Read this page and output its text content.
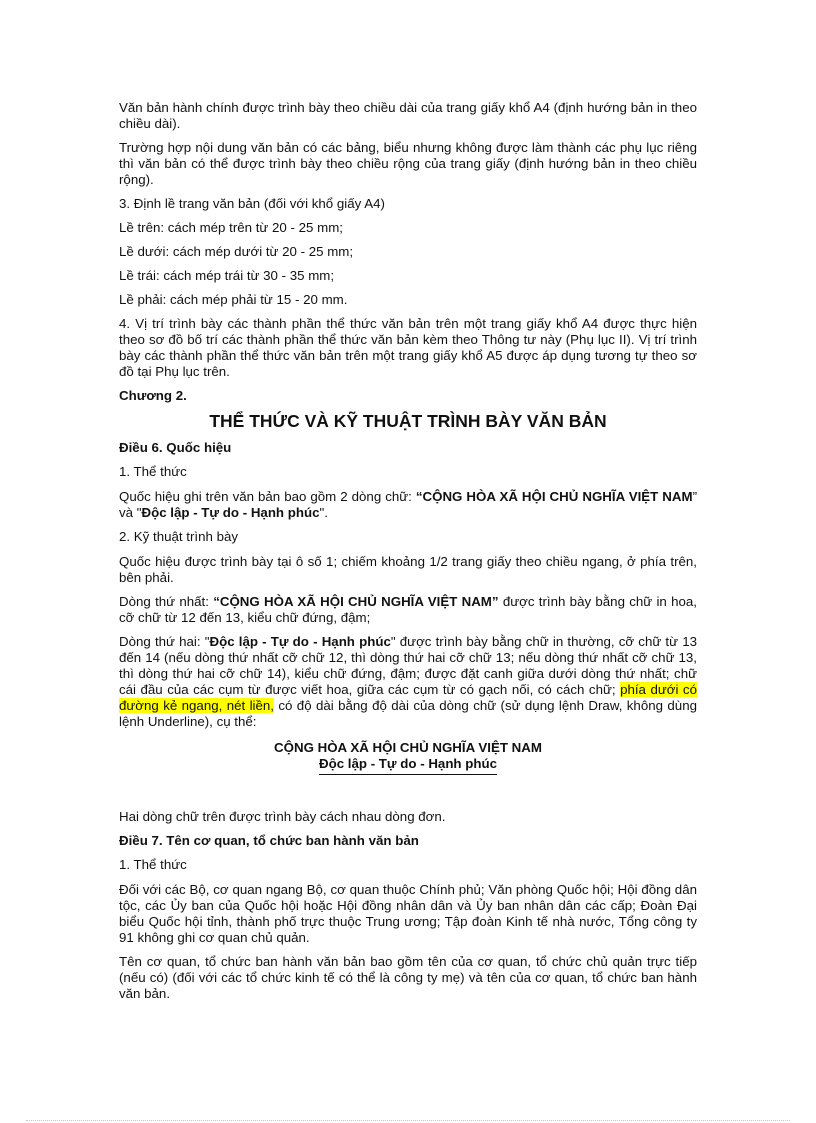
Văn bản hành chính được trình bày theo chiều dài của trang giấy khổ A4 (định hướng bản in theo chiều dài).

Trường hợp nội dung văn bản có các bảng, biểu nhưng không được làm thành các phụ lục riêng thì văn bản có thể được trình bày theo chiều rộng của trang giấy (định hướng bản in theo chiều rộng).

3. Định lề trang văn bản (đối với khổ giấy A4)

Lề trên: cách mép trên từ 20 - 25 mm;

Lề dưới: cách mép dưới từ 20 - 25 mm;

Lề trái: cách mép trái từ 30 - 35 mm;

Lề phải: cách mép phải từ 15 - 20 mm.

4. Vị trí trình bày các thành phần thể thức văn bản trên một trang giấy khổ A4 được thực hiện theo sơ đồ bố trí các thành phần thể thức văn bản kèm theo Thông tư này (Phụ lục II). Vị trí trình bày các thành phần thể thức văn bản trên một trang giấy khổ A5 được áp dụng tương tự theo sơ đồ tại Phụ lục trên.

Chương 2.

THỂ THỨC VÀ KỸ THUẬT TRÌNH BÀY VĂN BẢN

Điều 6. Quốc hiệu

1. Thể thức

Quốc hiệu ghi trên văn bản bao gồm 2 dòng chữ: “CỘNG HÒA XÃ HỘI CHỦ NGHĨA VIỆT NAM” và "Độc lập - Tự do - Hạnh phúc".

2. Kỹ thuật trình bày

Quốc hiệu được trình bày tại ô số 1; chiếm khoảng 1/2 trang giấy theo chiều ngang, ở phía trên, bên phải.

Dòng thứ nhất: “CỘNG HÒA XÃ HỘI CHỦ NGHĨA VIỆT NAM” được trình bày bằng chữ in hoa, cỡ chữ từ 12 đến 13, kiểu chữ đứng, đậm;

Dòng thứ hai: "Độc lập - Tự do - Hạnh phúc" được trình bày bằng chữ in thường, cỡ chữ từ 13 đến 14 (nếu dòng thứ nhất cỡ chữ 12, thì dòng thứ hai cỡ chữ 13; nếu dòng thứ nhất cỡ chữ 13, thì dòng thứ hai cỡ chữ 14), kiểu chữ đứng, đậm; được đặt canh giữa dưới dòng thứ nhất; chữ cái đầu của các cụm từ được viết hoa, giữa các cụm từ có gạch nối, có cách chữ; phía dưới có đường kẻ ngang, nét liền, có độ dài bằng độ dài của dòng chữ (sử dụng lệnh Draw, không dùng lệnh Underline), cụ thể:

CỘNG HÒA XÃ HỘI CHỦ NGHĨA VIỆT NAM
Độc lập - Tự do - Hạnh phúc

Hai dòng chữ trên được trình bày cách nhau dòng đơn.

Điều 7. Tên cơ quan, tổ chức ban hành văn bản

1. Thể thức

Đối với các Bộ, cơ quan ngang Bộ, cơ quan thuộc Chính phủ; Văn phòng Quốc hội; Hội đồng dân tộc, các Ủy ban của Quốc hội hoặc Hội đồng nhân dân và Ủy ban nhân dân các cấp; Đoàn Đại biểu Quốc hội tỉnh, thành phố trực thuộc Trung ương; Tập đoàn Kinh tế nhà nước, Tổng công ty 91 không ghi cơ quan chủ quản.

Tên cơ quan, tổ chức ban hành văn bản bao gồm tên của cơ quan, tổ chức chủ quản trực tiếp (nếu có) (đối với các tổ chức kinh tế có thể là công ty mẹ) và tên của cơ quan, tổ chức ban hành văn bản.
